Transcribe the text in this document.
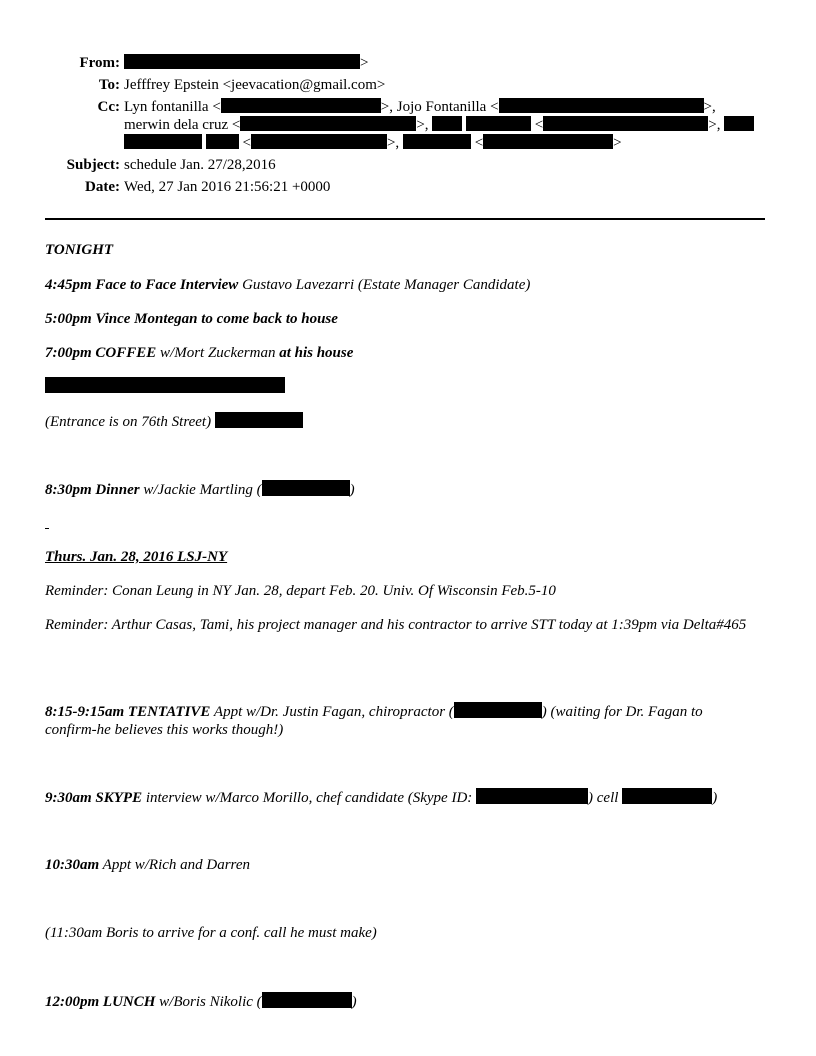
From:	>
To: Jefffrey Epstein <jeevacation@gmail.com>
Cc: Lyn fontanilla <	>, Jojo Fontanilla <	>,
merwin dela cruz <	>,	<	>,
<	>,	<	>
Subject: schedule Jan. 27/28,2016
Date: Wed, 27 Jan 2016 21:56:21 +0000
TONIGHT
4:45pm Face to Face Interview Gustavo Lavezarri (Estate Manager Candidate)
5:00pm Vince Montegan to come back to house
7:00pm COFFEE w/Mort Zuckerman at his house
(Entrance is on 76th Street)
8:30pm Dinner w/Jackie Martling (	)
Thurs. Jan. 28, 2016 LSJ-NY
Reminder: Conan Leung in NY Jan. 28, depart Feb. 20. Univ. Of Wisconsin Feb.5-10
Reminder: Arthur Casas, Tami, his project manager and his contractor to arrive STT today at 1:39pm via Delta#465
8:15-9:15am TENTATIVE Appt w/Dr. Justin Fagan, chiropractor (	) (waiting for Dr. Fagan to confirm-he believes this works though!)
9:30am SKYPE interview w/Marco Morillo, chef candidate (Skype ID:	) cell	)
10:30am Appt w/Rich and Darren
(11:30am Boris to arrive for a conf. call he must make)
12:00pm LUNCH w/Boris Nikolic (	)
